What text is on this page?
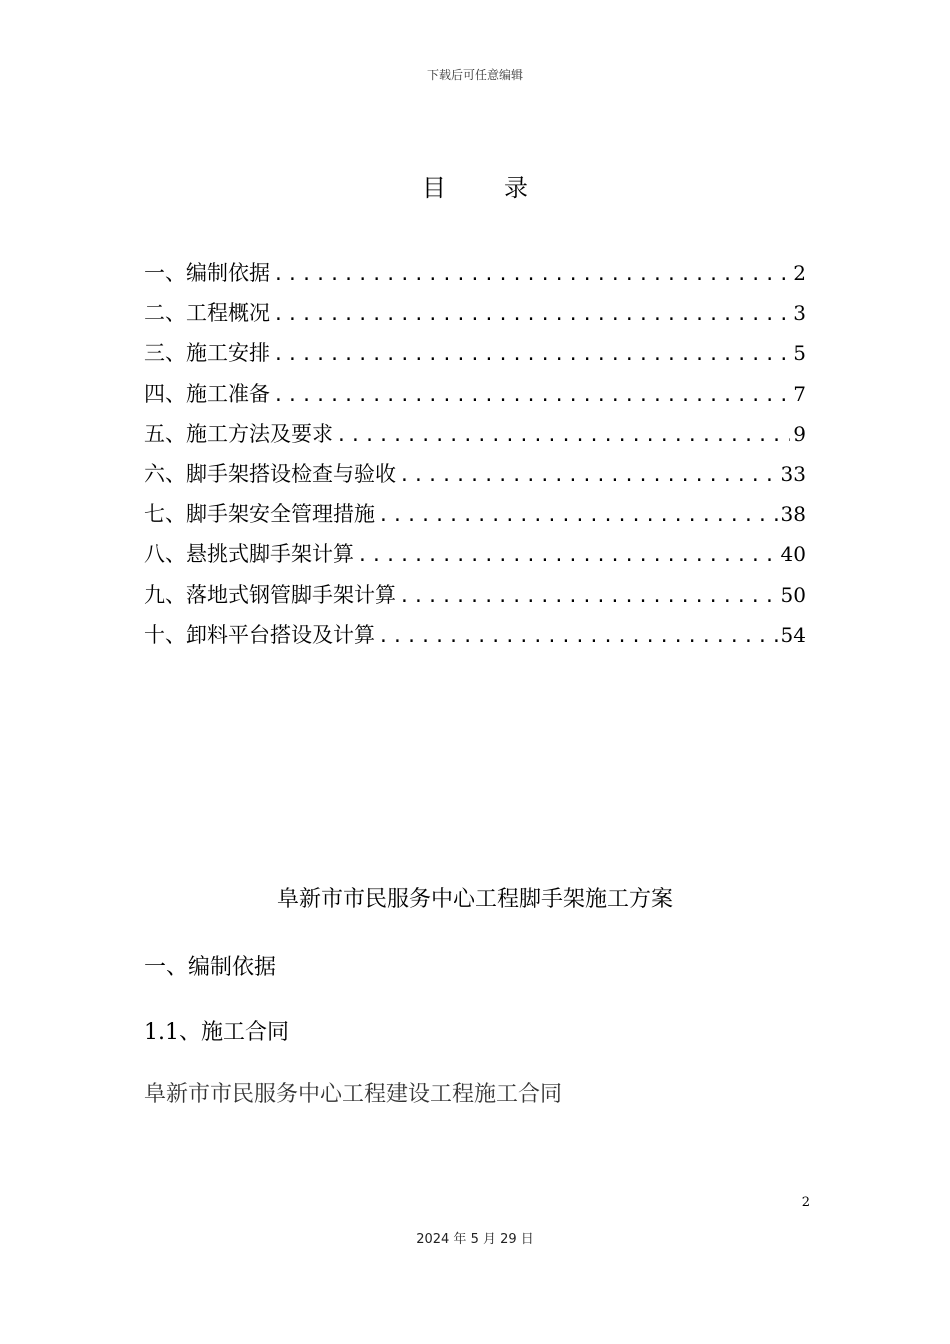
下载后可任意编辑
目 录
一、编制依据 .....	2
二、工程概况 .....	3
三、施工安排 .....	5
四、施工准备 .....	7
五、施工方法及要求 .....	9
六、脚手架搭设检查与验收 .....	33
七、脚手架安全管理措施 .....	38
八、悬挑式脚手架计算 .....	40
九、落地式钢管脚手架计算 .....	50
十、卸料平台搭设及计算 .....	54
阜新市市民服务中心工程脚手架施工方案
一、编制依据
1.1、施工合同
阜新市市民服务中心工程建设工程施工合同
2
2024 年 5 月 29 日
